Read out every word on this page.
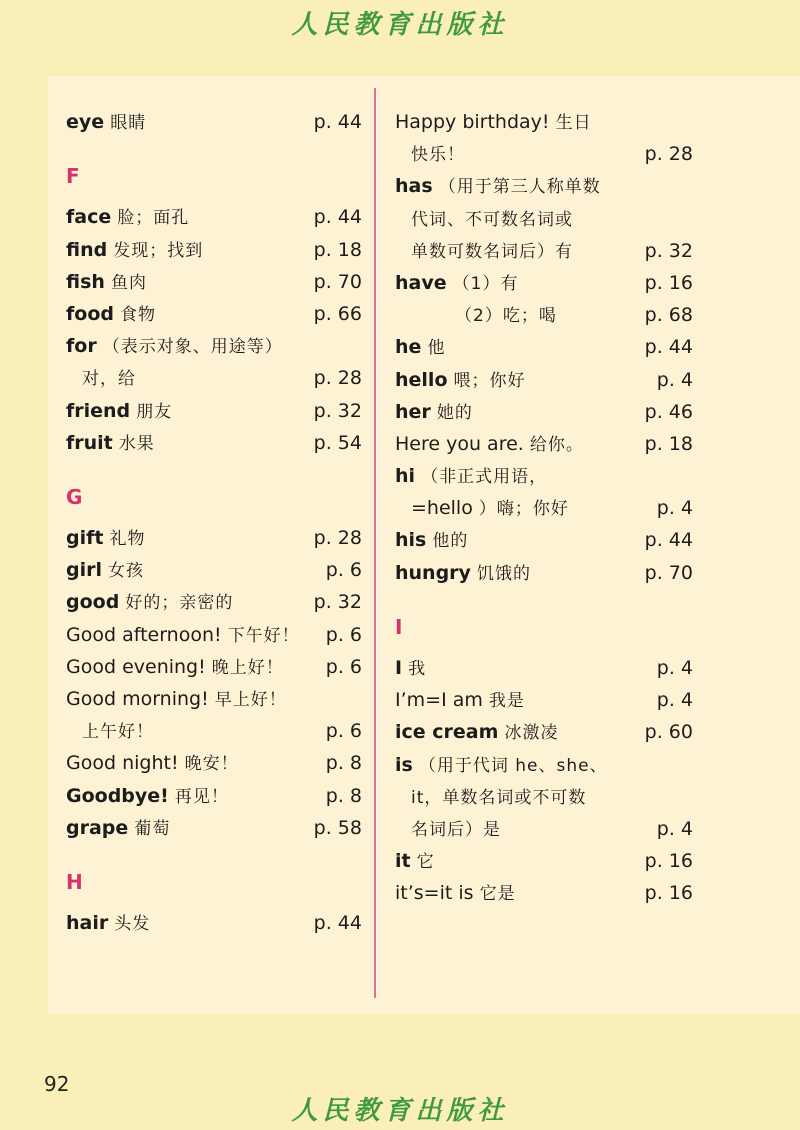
人民教育出版社
eye 眼睛	p. 44
F
face 脸；面孔	p. 44
find 发现；找到	p. 18
fish 鱼肉	p. 70
food 食物	p. 66
for （表示对象、用途等）
对，给	p. 28
friend 朋友	p. 32
fruit 水果	p. 54
G
gift 礼物	p. 28
girl 女孩	p. 6
good 好的；亲密的	p. 32
Good afternoon! 下午好！ p. 6
Good evening! 晚上好！ p. 6
Good morning! 早上好！
上午好！	p. 6
Good night! 晚安！	p. 8
Goodbye! 再见！	p. 8
grape 葡萄	p. 58
H
hair 头发	p. 44
Happy birthday! 生日
快乐！	p. 28
has （用于第三人称单数
代词、不可数名词或
单数可数名词后）有	p. 32
have （1）有	p. 16
（2）吃；喝	p. 68
he 他	p. 44
hello 喂；你好	p. 4
her 她的	p. 46
Here you are. 给你。	p. 18
hi （非正式用语，
=hello ）嗨；你好	p. 4
his 他的	p. 44
hungry 饥饿的	p. 70
I
I 我	p. 4
I’m=I am 我是	p. 4
ice cream 冰激凌	p. 60
is （用于代词 he、she、
it，单数名词或不可数
名词后）是	p. 4
it 它	p. 16
it’s=it is 它是	p. 16
92
人民教育出版社
